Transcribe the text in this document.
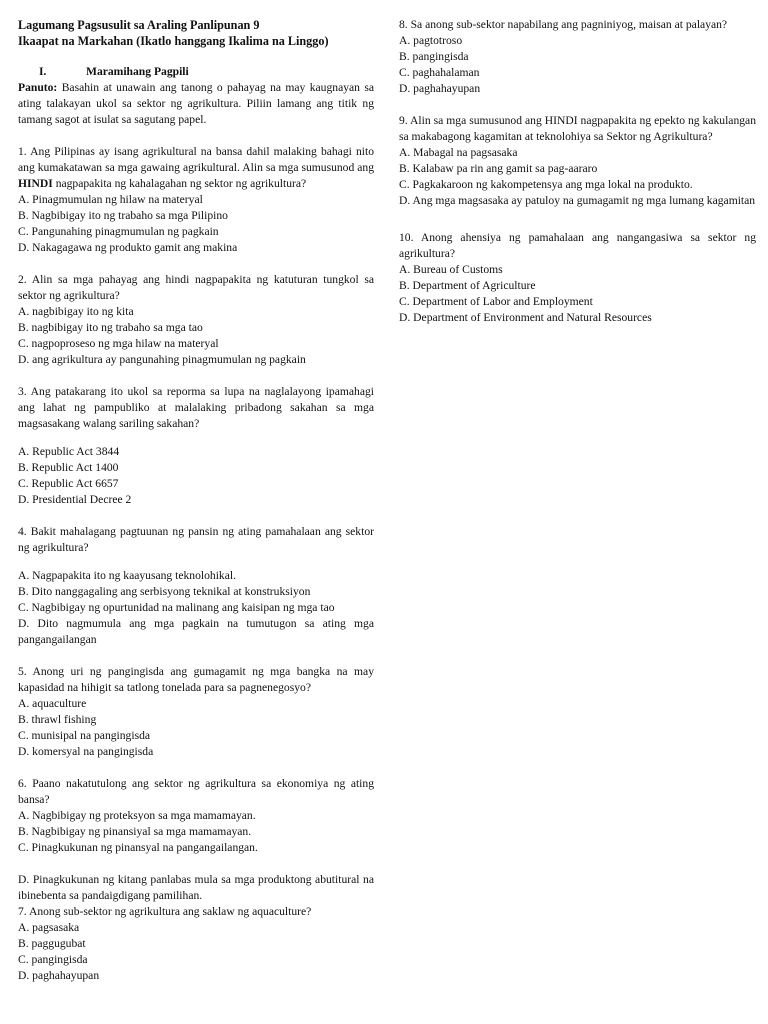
Lagumang Pagsusulit sa Araling Panlipunan 9

Ikaapat na Markahan (Ikatlo hanggang Ikalima na Linggo)

I.	Maramihang Pagpili

Panuto: Basahin at unawain ang tanong o pahayag na may kaugnayan sa ating talakayan ukol sa sektor ng agrikultura. Piliin lamang ang titik ng tamang sagot at isulat sa sagutang papel.

1. Ang Pilipinas ay isang agrikultural na bansa dahil malaking bahagi nito ang kumakatawan sa mga gawaing agrikultural. Alin sa mga sumusunod ang HINDI nagpapakita ng kahalagahan ng sektor ng agrikultura?

A. Pinagmumulan ng hilaw na materyal

B. Nagbibigay ito ng trabaho sa mga Pilipino

C. Pangunahing pinagmumulan ng pagkain

D. Nakagagawa ng produkto gamit ang makina

2. Alin sa mga pahayag ang hindi nagpapakita ng katuturan tungkol sa sektor ng agrikultura?

A. nagbibigay ito ng kita

B. nagbibigay ito ng trabaho sa mga tao

C. nagpoproseso ng mga hilaw na materyal

D. ang agrikultura ay pangunahing pinagmumulan ng pagkain

3. Ang patakarang ito ukol sa reporma sa lupa na naglalayong ipamahagi ang lahat ng pampubliko at malalaking pribadong sakahan sa mga magsasakang walang sariling sakahan?

A. Republic Act 3844

B. Republic Act 1400

C. Republic Act 6657

D. Presidential Decree 2

4. Bakit mahalagang pagtuunan ng pansin ng ating pamahalaan ang sektor ng agrikultura?

A. Nagpapakita ito ng kaayusang teknolohikal.

B. Dito nanggagaling ang serbisyong teknikal at konstruksiyon

C. Nagbibigay ng opurtunidad na malinang ang kaisipan ng mga tao

D. Dito nagmumula ang mga pagkain na tumutugon sa ating mga pangangailangan

5. Anong uri ng pangingisda ang gumagamit ng mga bangka na may kapasidad na hihigit sa tatlong tonelada para sa pagnenegosyo?

A. aquaculture

B. thrawl fishing

C. munisipal na pangingisda

D. komersyal na pangingisda

6. Paano nakatutulong ang sektor ng agrikultura sa ekonomiya ng ating bansa?

A. Nagbibigay ng proteksyon sa mga mamamayan.

B. Nagbibigay ng pinansiyal sa mga mamamayan.

C. Pinagkukunan ng pinansyal na pangangailangan.

D. Pinagkukunan ng kitang panlabas mula sa mga produktong abutitural na ibinebenta sa pandaigdigang pamilihan.

7. Anong sub-sektor ng agrikultura ang saklaw ng aquaculture?

A. pagsasaka

B. paggugubat

C. pangingisda

D. paghahayupan

8. Sa anong sub-sektor napabilang ang pagniniyog, maisan at palayan?

A. pagtotroso

B. pangingisda

C. paghahalaman

D. paghahayupan

9. Alin sa mga sumusunod ang HINDI nagpapakita ng epekto ng kakulangan sa makabagong kagamitan at teknolohiya sa Sektor ng Agrikultura?

A. Mabagal na pagsasaka

B. Kalabaw pa rin ang gamit sa pag-aararo

C. Pagkakaroon ng kakompetensya ang mga lokal na produkto.

D. Ang mga magsasaka ay patuloy na gumagamit ng mga lumang kagamitan

10. Anong ahensiya ng pamahalaan ang nangangasiwa sa sektor ng agrikultura?

A. Bureau of Customs

B. Department of Agriculture

C. Department of Labor and Employment

D. Department of Environment and Natural Resources
